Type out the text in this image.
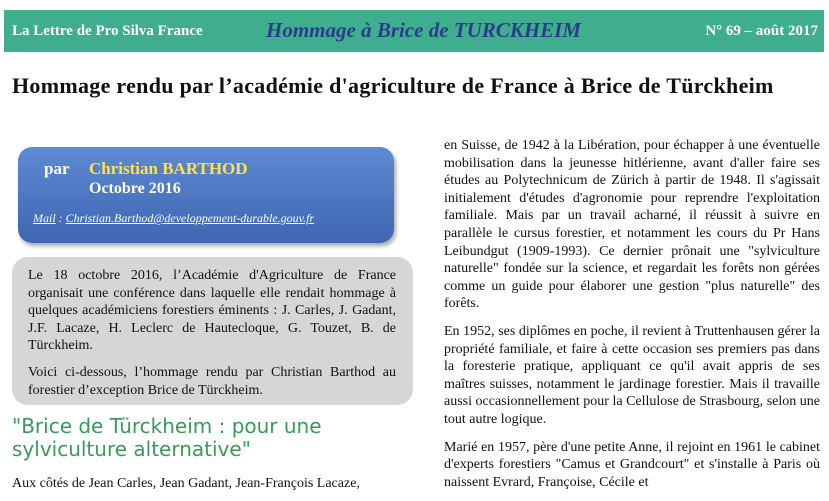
La Lettre de Pro Silva France	Hommage à Brice de TURCKHEIM	N° 69 – août 2017
Hommage rendu par l’académie d'agriculture de France à Brice de Türckheim
par Christian BARTHOD
Octobre 2016
Mail : Christian.Barthod@developpement-durable.gouv.fr

Le 18 octobre 2016, l’Académie d'Agriculture de France organisait une conférence dans laquelle elle rendait hommage à quelques académiciens forestiers éminents : J. Carles, J. Gadant, J.F. Lacaze, H. Leclerc de Hautecloque, G. Touzet, B. de Türckheim.

Voici ci-dessous, l’hommage rendu par Christian Barthod au forestier d’exception Brice de Türckheim.
"Brice de Türckheim : pour une sylviculture alternative"
Aux côtés de Jean Carles, Jean Gadant, Jean-François Lacaze,

en Suisse, de 1942 à la Libération, pour échapper à une éventuelle mobilisation dans la jeunesse hitlérienne, avant d'aller faire ses études au Polytechnicum de Zürich à partir de 1948. Il s'agissait initialement d'études d'agronomie pour reprendre l'exploitation familiale. Mais par un travail acharné, il réussit à suivre en parallèle le cursus forestier, et notamment les cours du Pr Hans Leibundgut (1909-1993). Ce dernier prônait une "sylviculture naturelle" fondée sur la science, et regardait les forêts non gérées comme un guide pour élaborer une gestion "plus naturelle" des forêts.

En 1952, ses diplômes en poche, il revient à Truttenhausen gérer la propriété familiale, et faire à cette occasion ses premiers pas dans la foresterie pratique, appliquant ce qu'il avait appris de ses maîtres suisses, notamment le jardinage forestier. Mais il travaille aussi occasionnellement pour la Cellulose de Strasbourg, selon une tout autre logique.

Marié en 1957, père d'une petite Anne, il rejoint en 1961 le cabinet d'experts forestiers "Camus et Grandcourt" et s'installe à Paris où naissent Evrard, Françoise, Cécile et
